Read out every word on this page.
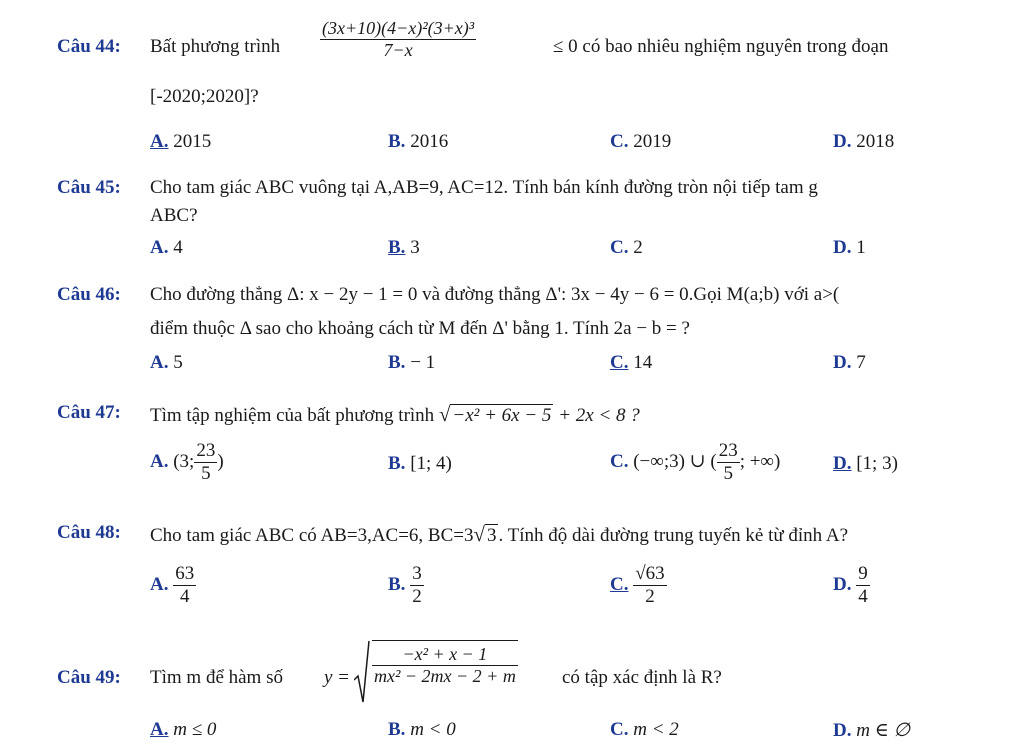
Câu 44: Bất phương trình $\frac{\text{(3x+10)(4−x)²(3+x)³}}{7-x}$	≤ 0 có bao nhiêu nghiệm nguyên trong đoạn
[-2020;2020]?
A. 2015	B. 2016	C. 2019	D. 2018
Câu 45: Cho tam giác ABC vuông tại A,AB=9, AC=12. Tính bán kính đường tròn nội tiếp tam g
ABC?
A. 4	B. 3	C. 2	D. 1
Câu 46: Cho đường thẳng Δ: x − 2y − 1 = 0 và đường thẳng Δ': 3x − 4y − 6 = 0.Gọi M(a;b) với a>(
điểm thuộc Δ sao cho khoảng cách từ M đến Δ' bằng 1. Tính 2a − b = ?
A. 5	B. − 1	C. 14	D. 7
Câu 47: Tìm tập nghiệm của bất phương trình √ −x² + 6x − 5 + 2x < 8 ?
A. (3; $\frac{23}{5}$ )	B. [1; 4)	C. (−∞;3) ∪ ( $\frac{23}{5}$ ; +∞)	D. [1; 3)
Câu 48: Cho tam giác ABC có AB=3,AC=6, BC=3√ 3 . Tính độ dài đường trung tuyến kẻ từ đỉnh A?
A. $\frac{63}{4}$	B. $\frac{3}{2}$	C. $\frac{√63}{2}$	D. $\frac{9}{4}$
Câu 49: Tìm m để hàm số $y = \frac{\text{−x² + x − 1}}{\text{mx² − 2mx − 2 + m}}$ có tập xác định là R?
A. m ≤ 0	B. m < 0	C. m < 2	D. m ∈ ∅
